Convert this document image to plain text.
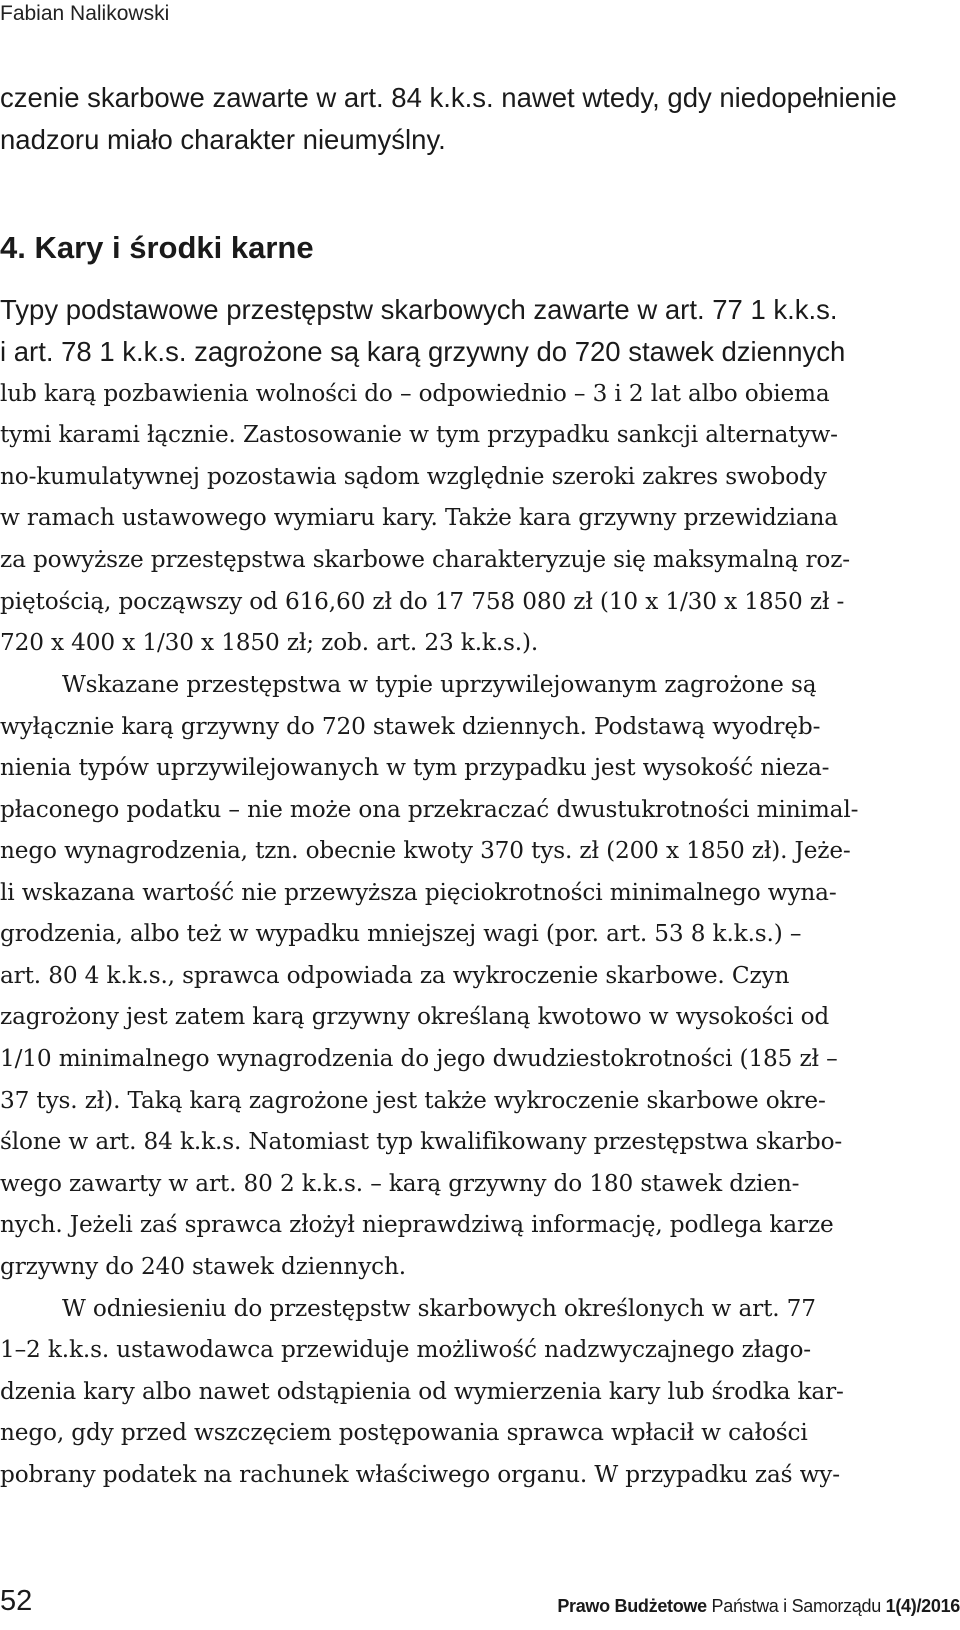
Fabian Nalikowski
czenie skarbowe zawarte w art. 84 k.k.s. nawet wtedy, gdy niedopełnienie
nadzoru miało charakter nieumyślny.
4. Kary i środki karne
Typy podstawowe przestępstw skarbowych zawarte w art. 77 1 k.k.s.
i art. 78 1 k.k.s. zagrożone są karą grzywny do 720 stawek dziennych
lub karą pozbawienia wolności do – odpowiednio – 3 i 2 lat albo obiema
tymi karami łącznie. Zastosowanie w tym przypadku sankcji alternatyw-
no-kumulatywnej pozostawia sądom względnie szeroki zakres swobody
w ramach ustawowego wymiaru kary. Także kara grzywny przewidziana
za powyższe przestępstwa skarbowe charakteryzuje się maksymalną roz-
piętością, począwszy od 616,60 zł do 17 758 080 zł (10 x 1/30 x 1850 zł -
720 x 400 x 1/30 x 1850 zł; zob. art. 23 k.k.s.).
Wskazane przestępstwa w typie uprzywilejowanym zagrożone są
wyłącznie karą grzywny do 720 stawek dziennych. Podstawą wyodręb-
nienia typów uprzywilejowanych w tym przypadku jest wysokość nieza-
płaconego podatku – nie może ona przekraczać dwustukrotności minimal-
nego wynagrodzenia, tzn. obecnie kwoty 370 tys. zł (200 x 1850 zł). Jeże-
li wskazana wartość nie przewyższa pięciokrotności minimalnego wyna-
grodzenia, albo też w wypadku mniejszej wagi (por. art. 53 8 k.k.s.) –
art. 80 4 k.k.s., sprawca odpowiada za wykroczenie skarbowe. Czyn
zagrożony jest zatem karą grzywny określaną kwotowo w wysokości od
1/10 minimalnego wynagrodzenia do jego dwudziestokrotności (185 zł –
37 tys. zł). Taką karą zagrożone jest także wykroczenie skarbowe okre-
ślone w art. 84 k.k.s. Natomiast typ kwalifikowany przestępstwa skarbo-
wego zawarty w art. 80 2 k.k.s. – karą grzywny do 180 stawek dzien-
nych. Jeżeli zaś sprawca złożył nieprawdziwą informację, podlega karze
grzywny do 240 stawek dziennych.
W odniesieniu do przestępstw skarbowych określonych w art. 77
1–2 k.k.s. ustawodawca przewiduje możliwość nadzwyczajnego złago-
dzenia kary albo nawet odstąpienia od wymierzenia kary lub środka kar-
nego, gdy przed wszczęciem postępowania sprawca wpłacił w całości
pobrany podatek na rachunek właściwego organu. W przypadku zaś wy-
52	Prawo Budżetowe Państwa i Samorządu 1(4)/2016
